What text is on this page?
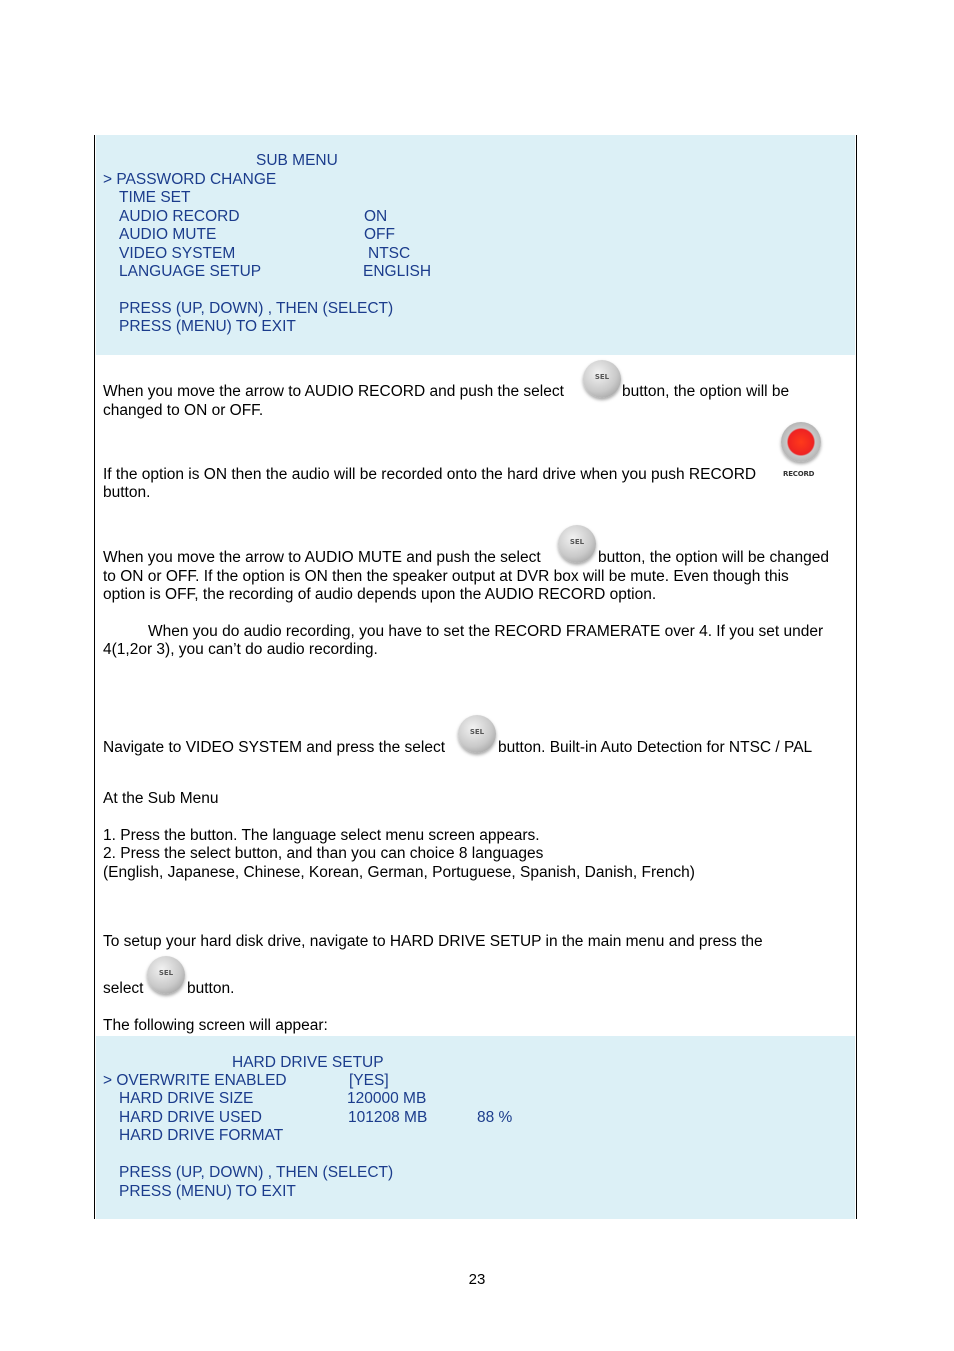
SUB MENU
> PASSWORD CHANGE
TIME SET
AUDIO RECORD	ON
AUDIO MUTE	OFF
VIDEO SYSTEM	NTSC
LANGUAGE SETUP	ENGLISH
PRESS (UP, DOWN) , THEN (SELECT)
PRESS (MENU) TO EXIT
When you move the arrow to AUDIO RECORD and push the select
SEL
button, the option will be
changed to ON or OFF.
If the option is ON then the audio will be recorded onto the hard drive when you push RECORD	RECORD
button.
When you move the arrow to AUDIO MUTE and push the select
SEL
button, the option will be changed
to ON or OFF. If the option is ON then the speaker output at DVR box will be mute. Even though this
option is OFF, the recording of audio depends upon the AUDIO RECORD option.
When you do audio recording, you have to set the RECORD FRAMERATE over 4. If you set under
4(1,2or 3), you can’t do audio recording.
Navigate to VIDEO SYSTEM and press the select
SEL
button. Built-in Auto Detection for NTSC / PAL
At the Sub Menu
1. Press the button. The language select menu screen appears.
2. Press the select button, and than you can choice 8 languages
(English, Japanese, Chinese, Korean, German, Portuguese, Spanish, Danish, French)
To setup your hard disk drive, navigate to HARD DRIVE SETUP in the main menu and press the
select
SEL
button.
The following screen will appear:
HARD DRIVE SETUP
> OVERWRITE ENABLED	[YES]
HARD DRIVE SIZE	120000 MB
HARD DRIVE USED	101208 MB	88 %
HARD DRIVE FORMAT
PRESS (UP, DOWN) , THEN (SELECT)
PRESS (MENU) TO EXIT
23
